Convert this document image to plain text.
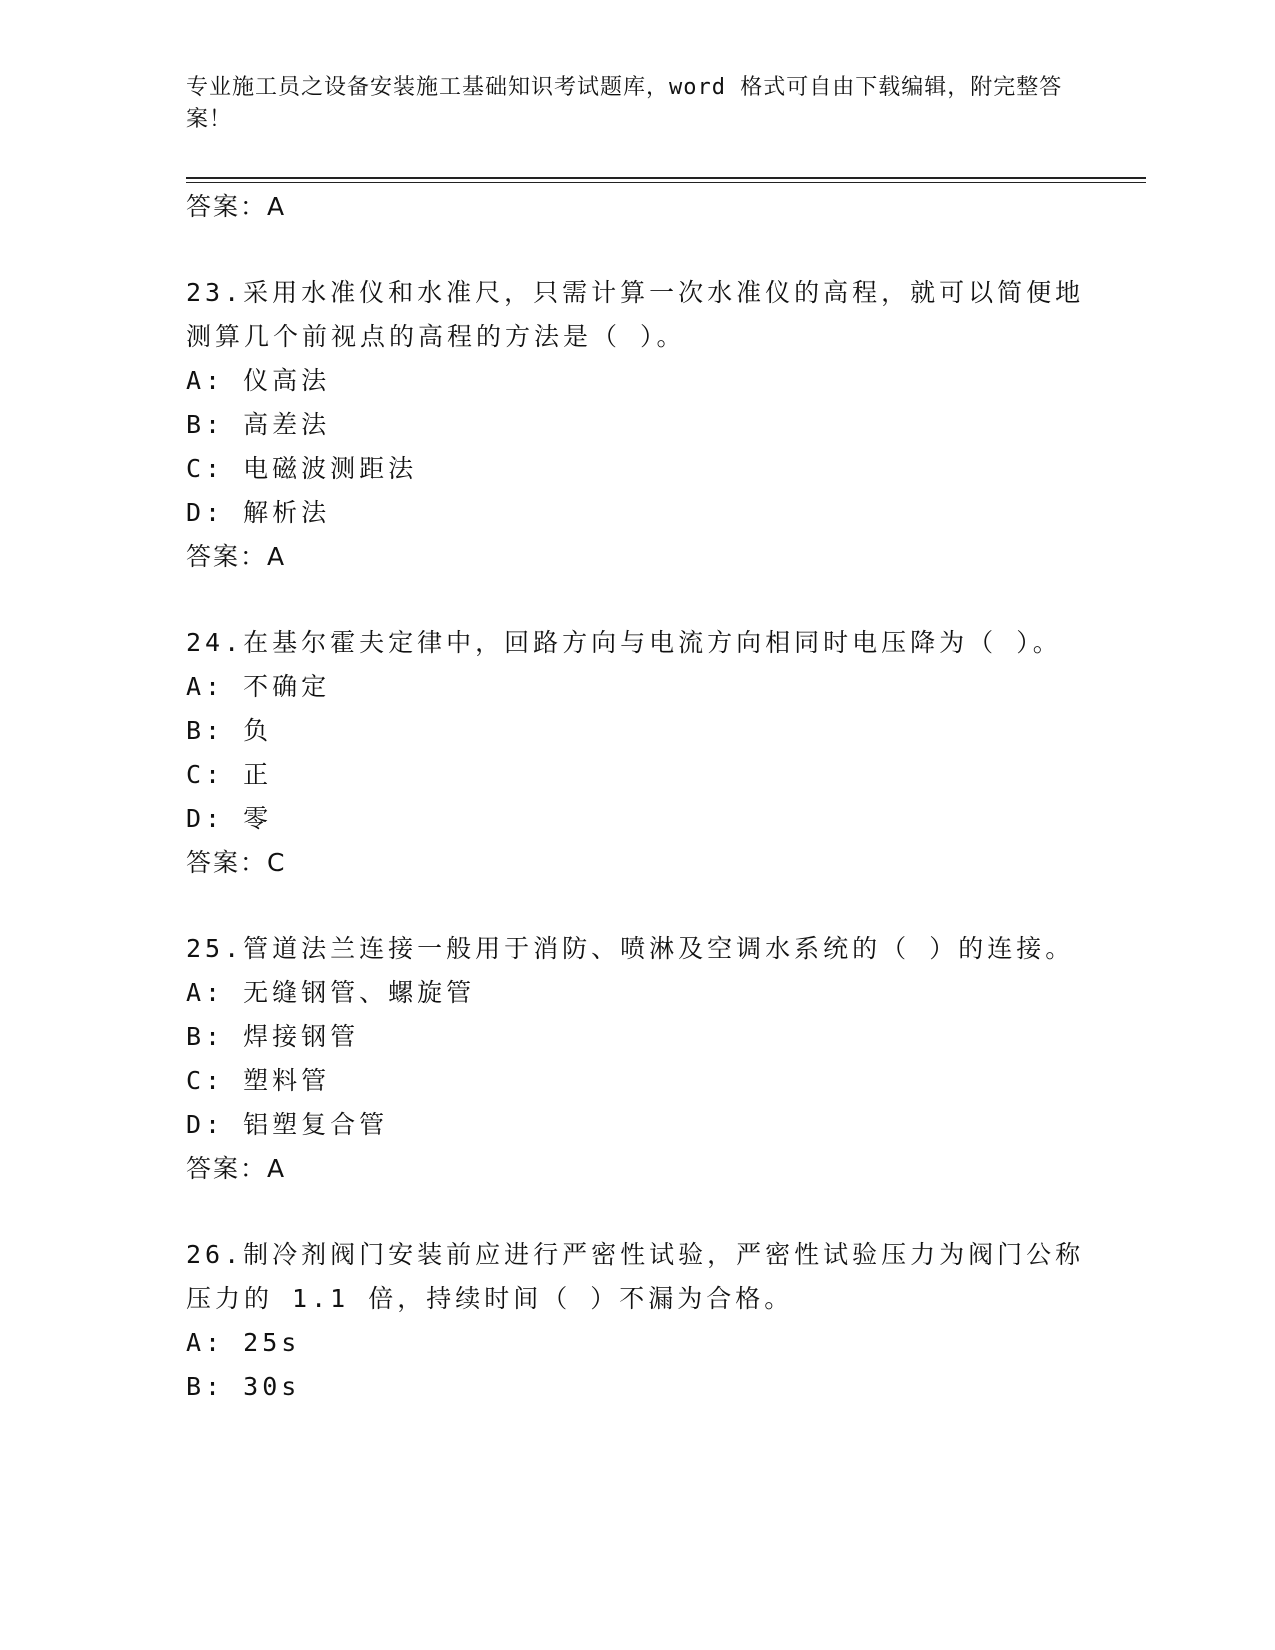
专业施工员之设备安装施工基础知识考试题库，word 格式可自由下载编辑，附完整答案！
答案：A
23.采用水准仪和水准尺，只需计算一次水准仪的高程，就可以简便地
测算几个前视点的高程的方法是（ ）。
A: 仪高法
B: 高差法
C: 电磁波测距法
D: 解析法
答案：A
24.在基尔霍夫定律中，回路方向与电流方向相同时电压降为（ ）。
A: 不确定
B: 负
C: 正
D: 零
答案：C
25.管道法兰连接一般用于消防、喷淋及空调水系统的（ ）的连接。
A: 无缝钢管、螺旋管
B: 焊接钢管
C: 塑料管
D: 铝塑复合管
答案：A
26.制冷剂阀门安装前应进行严密性试验，严密性试验压力为阀门公称
压力的 1.1 倍，持续时间（ ）不漏为合格。
A: 25s
B: 30s
